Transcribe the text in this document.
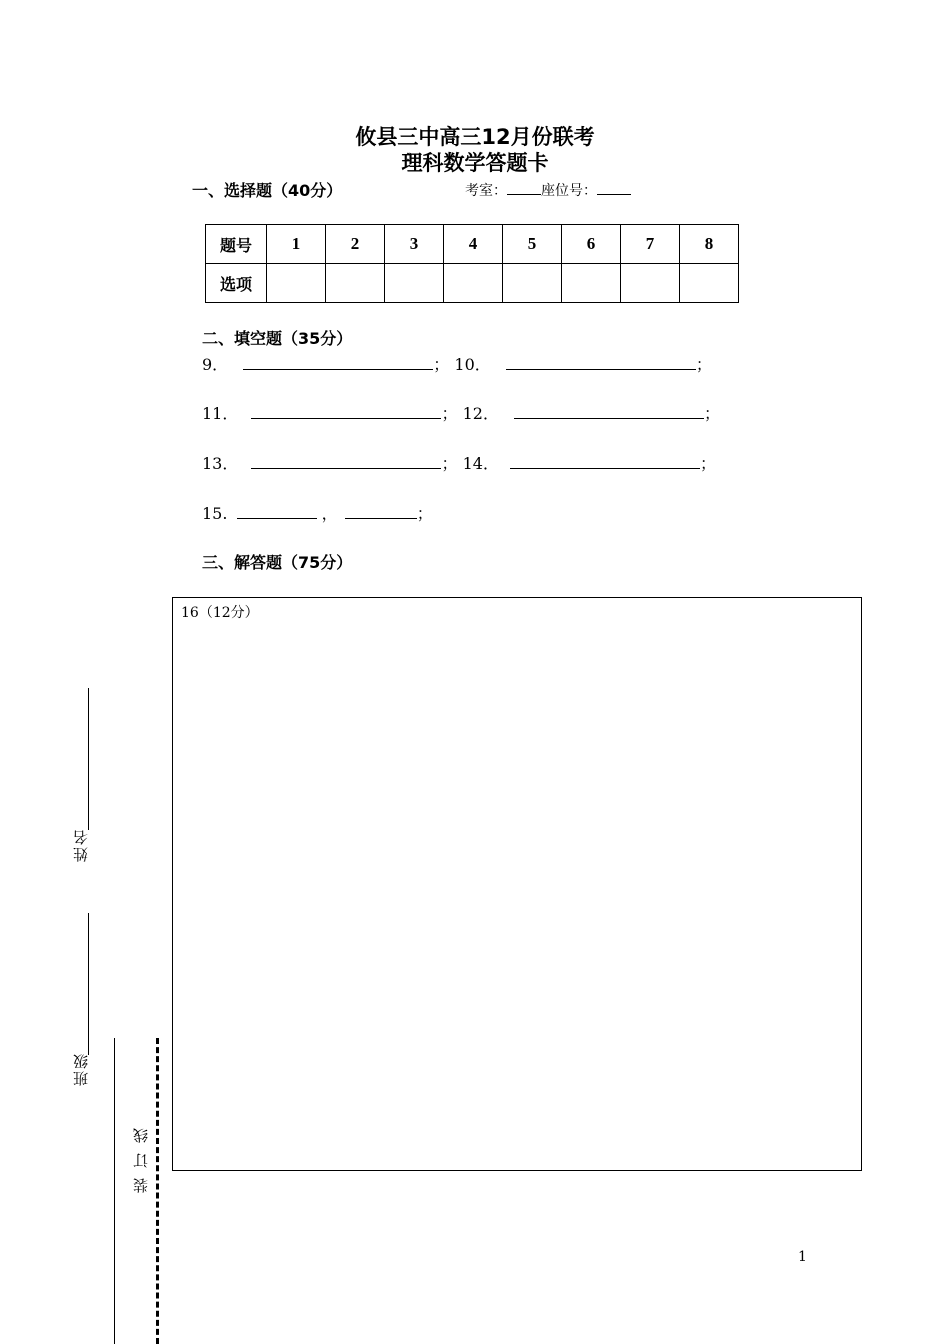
攸县三中高三12月份联考
理科数学答题卡
一、选择题（40分）	考室： 座位号：
题号	1	2	3	4	5	6	7	8
选项								
二、填空题（35分）
9．	； 10．	；
11．	； 12．	；
13．	； 14．	；
15.	，	；
三、解答题（75分）
16（12分）
姓名
班级
装订线
1
